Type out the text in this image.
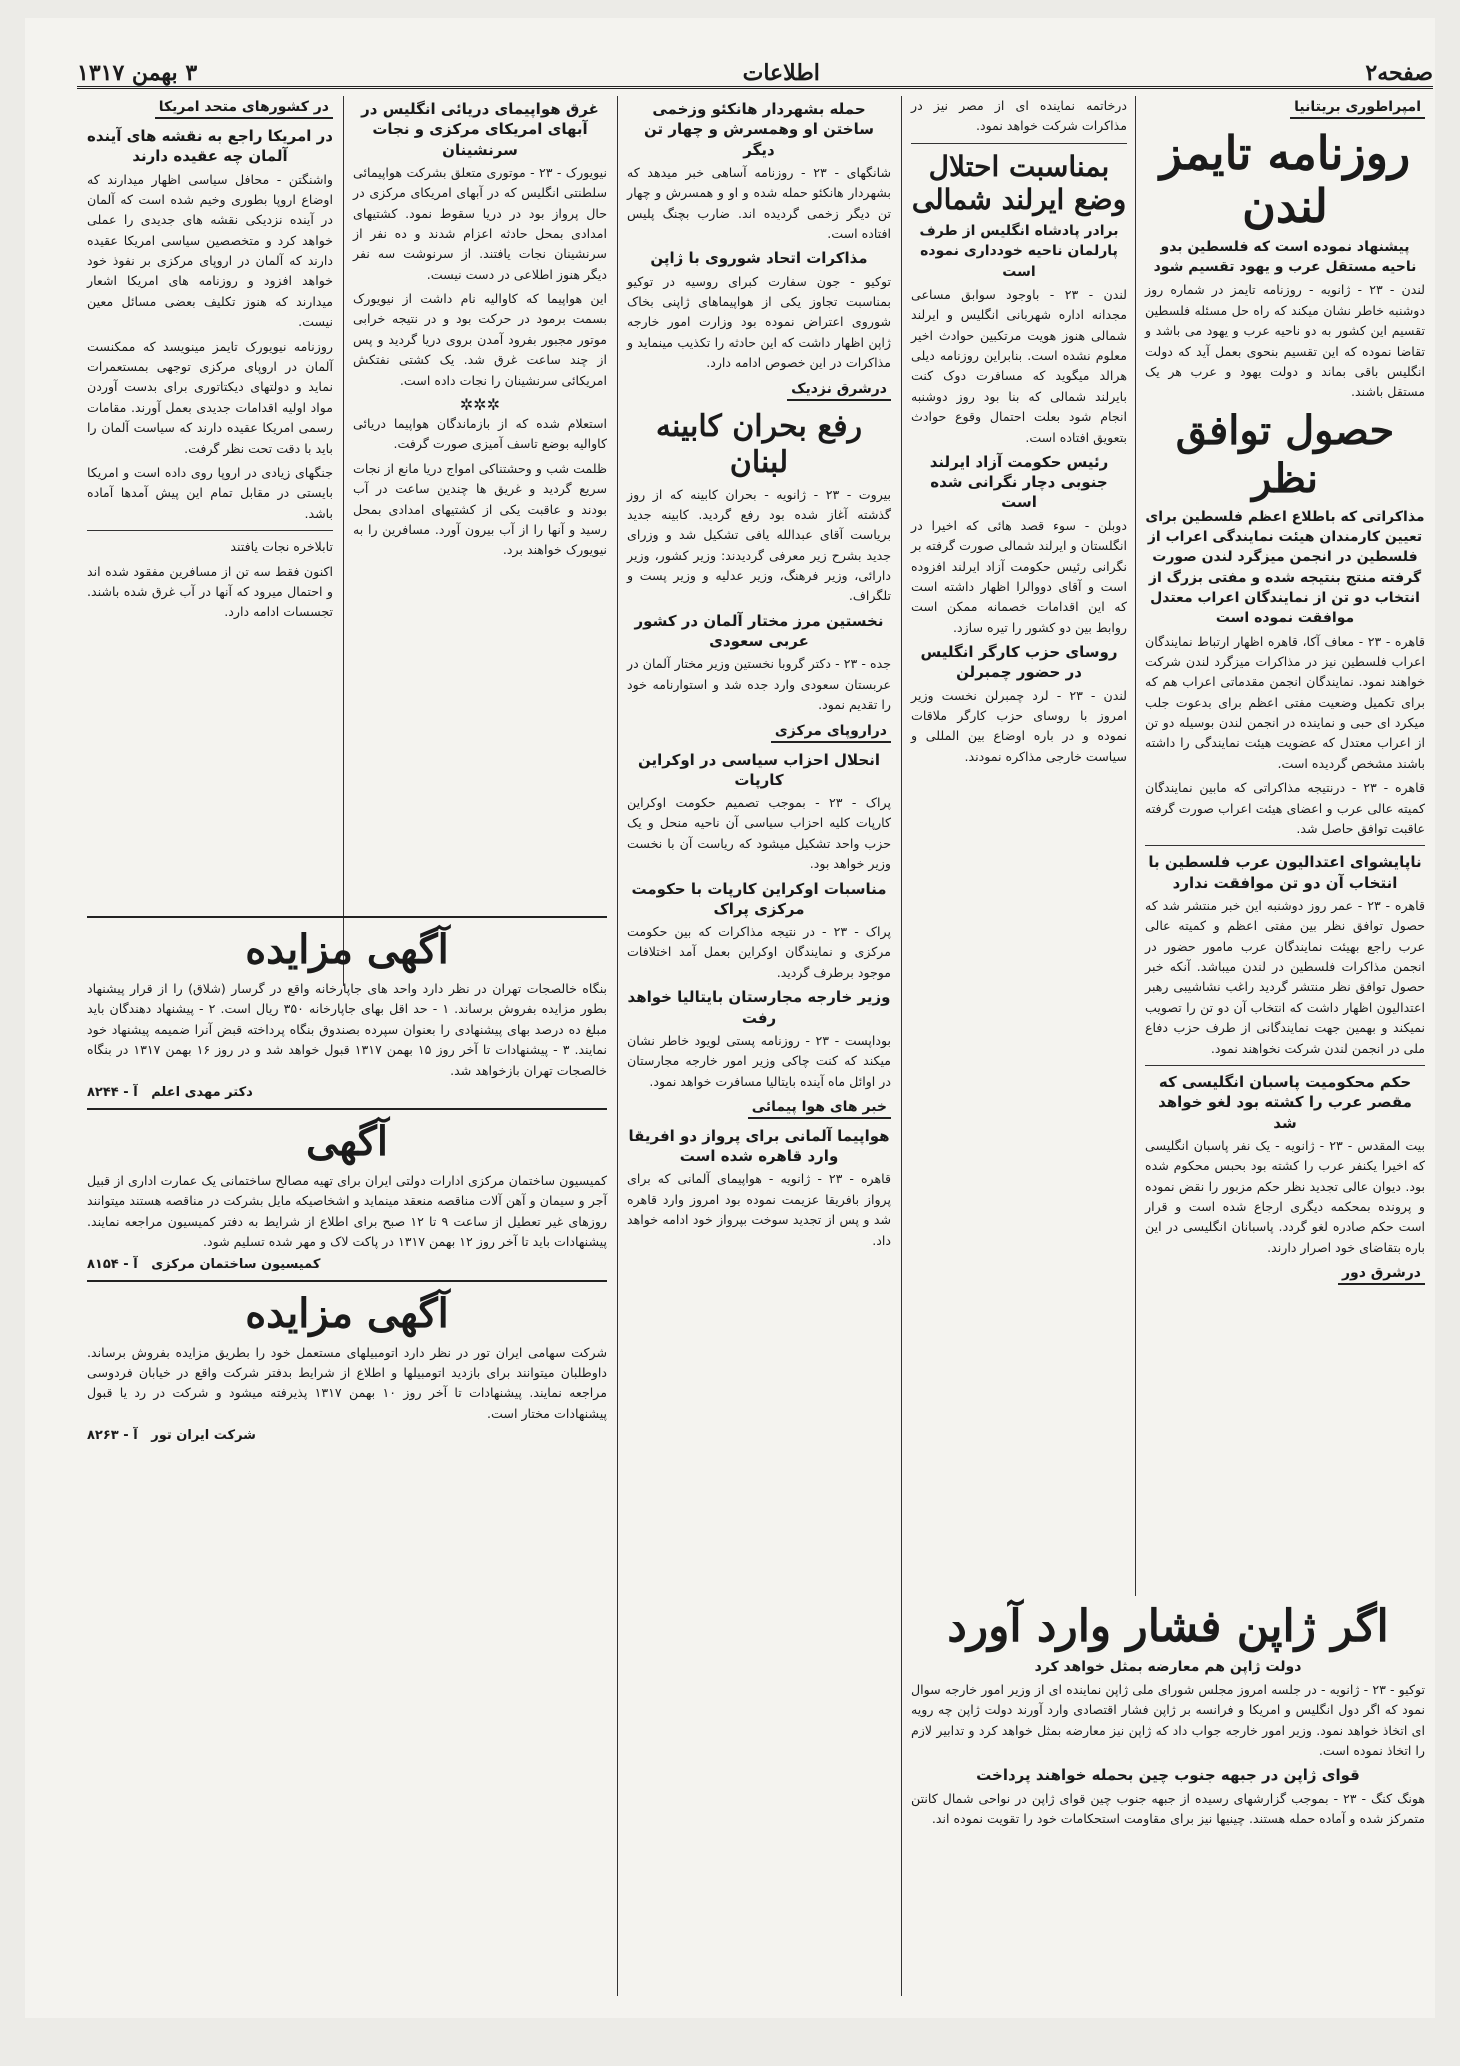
صفحه۲
اطلاعات
۳ بهمن ۱۳۱۷
امپراطوری بریتانیا
روزنامه تایمز لندن
پیشنهاد نموده است که فلسطین بدو ناحیه مستقل عرب و یهود تقسیم شود

لندن - ۲۳ - ژانویه - روزنامه تایمز در شماره روز دوشنبه خاطر نشان میکند که راه حل مسئله فلسطین تقسیم این کشور به دو ناحیه عرب و یهود می باشد و تقاضا نموده که این تقسیم بنحوی بعمل آید که دولت انگلیس باقی بماند و دولت یهود و عرب هر یک مستقل باشند.

حصول توافق نظر
مذاکراتی که باطلاع اعظم فلسطین برای تعیین کارمندان هیئت نمایندگی اعراب از فلسطین در انجمن میزگرد لندن صورت گرفته منتج بنتیجه شده و مفتی بزرگ از انتخاب دو تن از نمایندگان اعراب معتدل موافقت نموده است

قاهره - ۲۳ - معاف آکا، قاهره اظهار ارتباط نمایندگان اعراب فلسطین نیز در مذاکرات میزگرد لندن شرکت خواهند نمود. نمایندگان انجمن مقدماتی اعراب هم که برای تکمیل وضعیت مفتی اعظم برای بدعوت جلب میکرد ای حبی و نماینده در انجمن لندن بوسیله دو تن از اعراب معتدل که عضویت هیئت نمایندگی را داشته باشند مشخص گردیده است.

قاهره - ۲۳ - درنتیجه مذاکراتی که مابین نمایندگان کمیته عالی عرب و اعضای هیئت اعراب صورت گرفته عاقبت توافق حاصل شد.

ناپایشوای اعتدالیون عرب فلسطین با انتخاب آن دو تن موافقت ندارد

قاهره - ۲۳ - عمر روز دوشنبه این خبر منتشر شد که حصول توافق نظر بین مفتی اعظم و کمیته عالی عرب راجع بهیئت نمایندگان عرب مامور حضور در انجمن مذاکرات فلسطین در لندن میباشد. آنکه خبر حصول توافق نظر منتشر گردید راغب نشاشیبی رهبر اعتدالیون اظهار داشت که انتخاب آن دو تن را تصویب نمیکند و بهمین جهت نمایندگانی از طرف حزب دفاع ملی در انجمن لندن شرکت نخواهند نمود.

حکم محکومیت پاسبان انگلیسی که مقصر عرب را کشته بود لغو خواهد شد

بیت المقدس - ۲۳ - ژانویه - یک نفر پاسبان انگلیسی که اخیرا یکنفر عرب را کشته بود بحبس محکوم شده بود. دیوان عالی تجدید نظر حکم مزبور را نقض نموده و پرونده بمحکمه دیگری ارجاع شده است و قرار است حکم صادره لغو گردد. پاسبانان انگلیسی در این باره بتقاضای خود اصرار دارند.

درشرق دور

درخاتمه نماینده ای از مصر نیز در مذاکرات شرکت خواهد نمود.

بمناسبت احتلال وضع ایرلند شمالی
برادر پادشاه انگلیس از طرف پارلمان ناحیه خودداری نموده است

لندن - ۲۳ - باوجود سوابق مساعی مجدانه اداره شهربانی انگلیس و ایرلند شمالی هنوز هویت مرتکبین حوادث اخیر معلوم نشده است. بنابراین روزنامه دیلی هرالد میگوید که مسافرت دوک کنت بایرلند شمالی که بنا بود روز دوشنبه انجام شود بعلت احتمال وقوع حوادث بتعویق افتاده است.

رئیس حکومت آزاد ایرلند جنوبی دچار نگرانی شده است

دوبلن - سوء قصد هائی که اخیرا در انگلستان و ایرلند شمالی صورت گرفته بر نگرانی رئیس حکومت آزاد ایرلند افزوده است و آقای دووالرا اظهار داشته است که این اقدامات خصمانه ممکن است روابط بین دو کشور را تیره سازد.

روسای حزب کارگر انگلیس در حضور چمبرلن

لندن - ۲۳ - لرد چمبرلن نخست وزیر امروز با روسای حزب کارگر ملاقات نموده و در باره اوضاع بین المللی و سیاست خارجی مذاکره نمودند.

اگر ژاپن فشار وارد آورد
دولت ژاپن هم معارضه بمثل خواهد کرد

توکیو - ۲۳ - ژانویه - در جلسه امروز مجلس شورای ملی ژاپن نماینده ای از وزیر امور خارجه سوال نمود که اگر دول انگلیس و امریکا و فرانسه بر ژاپن فشار اقتصادی وارد آورند دولت ژاپن چه رویه ای اتخاذ خواهد نمود. وزیر امور خارجه جواب داد که ژاپن نیز معارضه بمثل خواهد کرد و تدابیر لازم را اتخاذ نموده است.

قوای ژاپن در جبهه جنوب چین بحمله خواهند پرداخت

هونگ کنگ - ۲۳ - بموجب گزارشهای رسیده از جبهه جنوب چین قوای ژاپن در نواحی شمال کانتن متمرکز شده و آماده حمله هستند. چینیها نیز برای مقاومت استحکامات خود را تقویت نموده اند.

حمله بشهردار هانکئو وزخمی ساختن او وهمسرش و چهار تن دیگر

شانگهای - ۲۳ - روزنامه آساهی خبر میدهد که بشهردار هانکئو حمله شده و او و همسرش و چهار تن دیگر زخمی گردیده اند. ضارب بچنگ پلیس افتاده است.

مذاکرات اتحاد شوروی با ژاپن

توکیو - جون سفارت کبرای روسیه در توکیو بمناسبت تجاوز یکی از هواپیماهای ژاپنی بخاک شوروی اعتراض نموده بود وزارت امور خارجه ژاپن اظهار داشت که این حادثه را تکذیب مینماید و مذاکرات در این خصوص ادامه دارد.

درشرق نزدیک
رفع بحران کابینه لبنان

بیروت - ۲۳ - ژانویه - بحران کابینه که از روز گذشته آغاز شده بود رفع گردید. کابینه جدید بریاست آقای عبدالله یافی تشکیل شد و وزرای جدید بشرح زیر معرفی گردیدند: وزیر کشور، وزیر دارائی، وزیر فرهنگ، وزیر عدلیه و وزیر پست و تلگراف.

نخستین مرز مختار آلمان در کشور عربی سعودی

جده - ۲۳ - دکتر گروبا نخستین وزیر مختار آلمان در عربستان سعودی وارد جده شد و استوارنامه خود را تقدیم نمود.

دراروپای مرکزی
انحلال احزاب سیاسی در اوکراین کارپات

پراک - ۲۳ - بموجب تصمیم حکومت اوکراین کارپات کلیه احزاب سیاسی آن ناحیه منحل و یک حزب واحد تشکیل میشود که ریاست آن با نخست وزیر خواهد بود.

مناسبات اوکراین کارپات با حکومت مرکزی پراک

پراک - ۲۳ - در نتیجه مذاکرات که بین حکومت مرکزی و نمایندگان اوکراین بعمل آمد اختلافات موجود برطرف گردید.

وزیر خارجه مجارستان بایتالیا خواهد رفت

بوداپست - ۲۳ - روزنامه پستی لویود خاطر نشان میکند که کنت چاکی وزیر امور خارجه مجارستان در اوائل ماه آینده بایتالیا مسافرت خواهد نمود.

خبر های هوا پیمائی
هواپیما آلمانی برای پرواز دو افریقا وارد قاهره شده است

قاهره - ۲۳ - ژانویه - هواپیمای آلمانی که برای پرواز بافریقا عزیمت نموده بود امروز وارد قاهره شد و پس از تجدید سوخت بپرواز خود ادامه خواهد داد.

غرق هواپیمای دریائی انگلیس در آبهای امریکای مرکزی و نجات سرنشینان

نیویورک - ۲۳ - موتوری متعلق بشرکت هواپیمائی سلطنتی انگلیس که در آبهای امریکای مرکزی در حال پرواز بود در دریا سقوط نمود. کشتیهای امدادی بمحل حادثه اعزام شدند و ده نفر از سرنشینان نجات یافتند. از سرنوشت سه نفر دیگر هنوز اطلاعی در دست نیست.

این هواپیما که کاوالیه نام داشت از نیویورک بسمت برمود در حرکت بود و در نتیجه خرابی موتور مجبور بفرود آمدن بروی دریا گردید و پس از چند ساعت غرق شد. یک کشتی نفتکش امریکائی سرنشینان را نجات داده است.

✲✲✲

استعلام شده که از بازماندگان هواپیما دریائی کاوالیه بوضع تاسف آمیزی صورت گرفت.

ظلمت شب و وحشتناکی امواج دریا مانع از نجات سریع گردید و غریق ها چندین ساعت در آب بودند و عاقبت یکی از کشتیهای امدادی بمحل رسید و آنها را از آب بیرون آورد. مسافرین را به نیویورک خواهند برد.

در کشورهای متحد امریکا
در امریکا راجع به نقشه های آینده آلمان چه عقیده دارند

واشنگتن - محافل سیاسی اظهار میدارند که اوضاع اروپا بطوری وخیم شده است که آلمان در آینده نزدیکی نقشه های جدیدی را عملی خواهد کرد و متخصصین سیاسی امریکا عقیده دارند که آلمان در اروپای مرکزی بر نفوذ خود خواهد افزود و روزنامه های امریکا اشعار میدارند که هنوز تکلیف بعضی مسائل معین نیست.

روزنامه نیویورک تایمز مینویسد که ممکنست آلمان در اروپای مرکزی توجهی بمستعمرات نماید و دولتهای دیکتاتوری برای بدست آوردن مواد اولیه اقدامات جدیدی بعمل آورند. مقامات رسمی امریکا عقیده دارند که سیاست آلمان را باید با دقت تحت نظر گرفت.

جنگهای زیادی در اروپا روی داده است و امریکا بایستی در مقابل تمام این پیش آمدها آماده باشد.

تابلاخره نجات یافتند

اکنون فقط سه تن از مسافرین مفقود شده اند و احتمال میرود که آنها در آب غرق شده باشند. تجسسات ادامه دارد.

آگهی مزایده

بنگاه خالصجات تهران در نظر دارد واحد های جاپارخانه واقع در گرسار (شلاق) را از قرار پیشنهاد بطور مزایده بفروش برساند. ۱ - حد اقل بهای جاپارخانه ۳۵۰ ریال است. ۲ - پیشنهاد دهندگان باید مبلغ ده درصد بهای پیشنهادی را بعنوان سپرده بصندوق بنگاه پرداخته قبض آنرا ضمیمه پیشنهاد خود نمایند. ۳ - پیشنهادات تا آخر روز ۱۵ بهمن ۱۳۱۷ قبول خواهد شد و در روز ۱۶ بهمن ۱۳۱۷ در بنگاه خالصجات تهران بازخواهد شد.

دکتر مهدی اعلم   آ - ۸۲۴۴
آگهی

کمیسیون ساختمان مرکزی ادارات دولتی ایران برای تهیه مصالح ساختمانی یک عمارت اداری از قبیل آجر و سیمان و آهن آلات مناقصه منعقد مینماید و اشخاصیکه مایل بشرکت در مناقصه هستند میتوانند روزهای غیر تعطیل از ساعت ۹ تا ۱۲ صبح برای اطلاع از شرایط به دفتر کمیسیون مراجعه نمایند. پیشنهادات باید تا آخر روز ۱۲ بهمن ۱۳۱۷ در پاکت لاک و مهر شده تسلیم شود.

کمیسیون ساختمان مرکزی   آ - ۸۱۵۴
آگهی مزایده

شرکت سهامی ایران تور در نظر دارد اتومبیلهای مستعمل خود را بطریق مزایده بفروش برساند. داوطلبان میتوانند برای بازدید اتومبیلها و اطلاع از شرایط بدفتر شرکت واقع در خیابان فردوسی مراجعه نمایند. پیشنهادات تا آخر روز ۱۰ بهمن ۱۳۱۷ پذیرفته میشود و شرکت در رد یا قبول پیشنهادات مختار است.

شرکت ایران تور   آ - ۸۲۶۳
